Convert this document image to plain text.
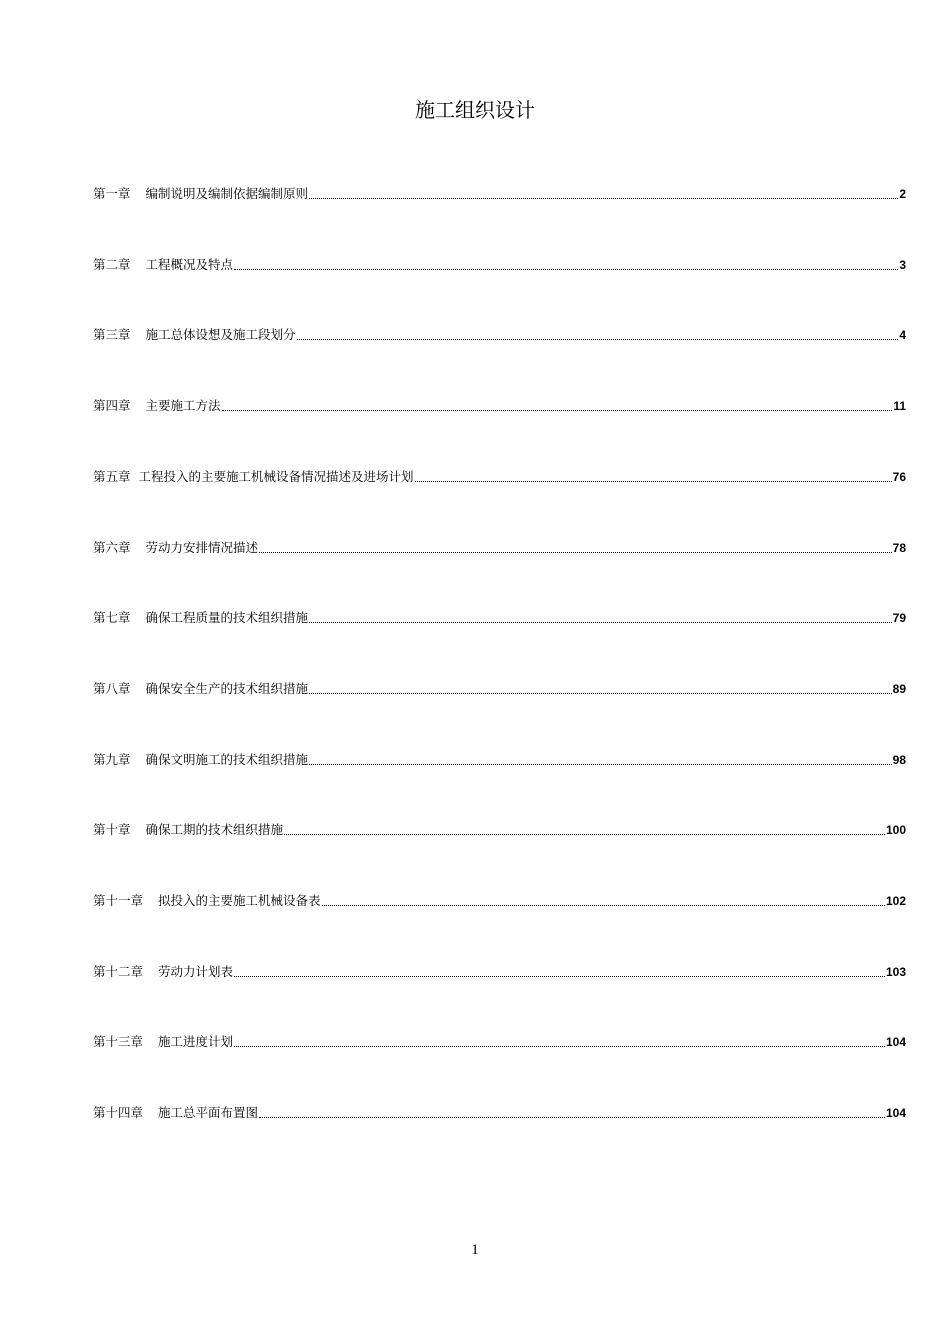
施工组织设计
第一章 编制说明及编制依据编制原则	2
第二章 工程概况及特点	3
第三章 施工总体设想及施工段划分	4
第四章 主要施工方法	11
第五章 工程投入的主要施工机械设备情况描述及进场计划	76
第六章 劳动力安排情况描述	78
第七章 确保工程质量的技术组织措施	79
第八章 确保安全生产的技术组织措施	89
第九章 确保文明施工的技术组织措施	98
第十章 确保工期的技术组织措施	100
第十一章 拟投入的主要施工机械设备表	102
第十二章 劳动力计划表	103
第十三章 施工进度计划	104
第十四章 施工总平面布置图	104
1
